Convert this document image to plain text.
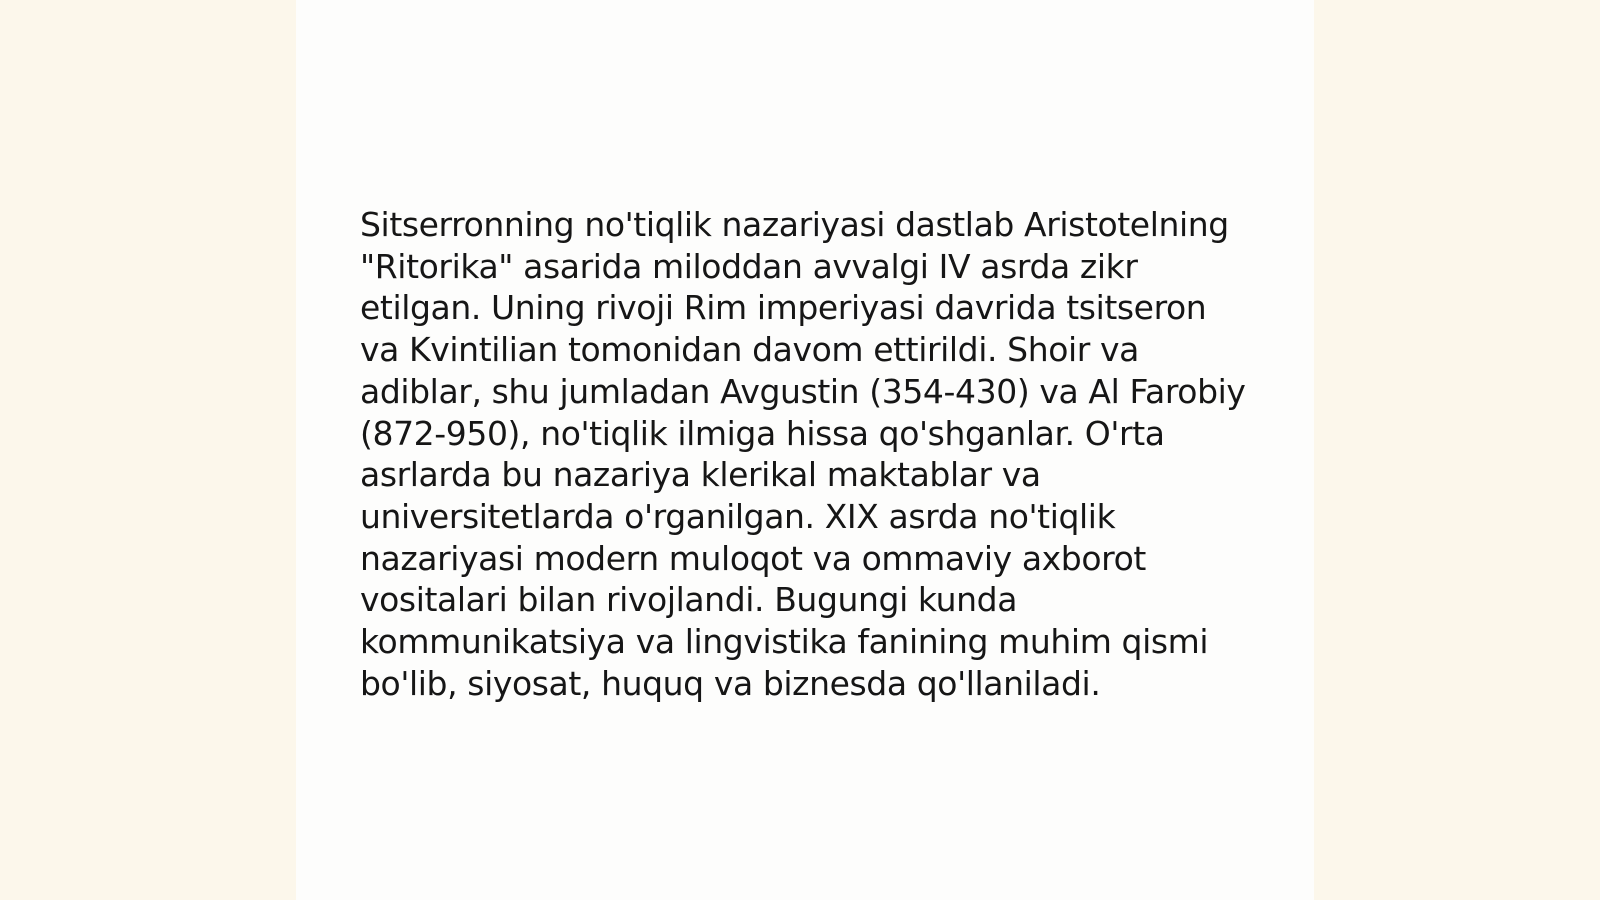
Sitserronning no'tiqlik nazariyasi dastlab Aristotelning
"Ritorika" asarida miloddan avvalgi IV asrda zikr
etilgan. Uning rivoji Rim imperiyasi davrida tsitseron
va Kvintilian tomonidan davom ettirildi. Shoir va
adiblar, shu jumladan Avgustin (354-430) va Al Farobiy
(872-950), no'tiqlik ilmiga hissa qo'shganlar. O'rta
asrlarda bu nazariya klerikal maktablar va
universitetlarda o'rganilgan. XIX asrda no'tiqlik
nazariyasi modern muloqot va ommaviy axborot
vositalari bilan rivojlandi. Bugungi kunda
kommunikatsiya va lingvistika fanining muhim qismi
bo'lib, siyosat, huquq va biznesda qo'llaniladi.
